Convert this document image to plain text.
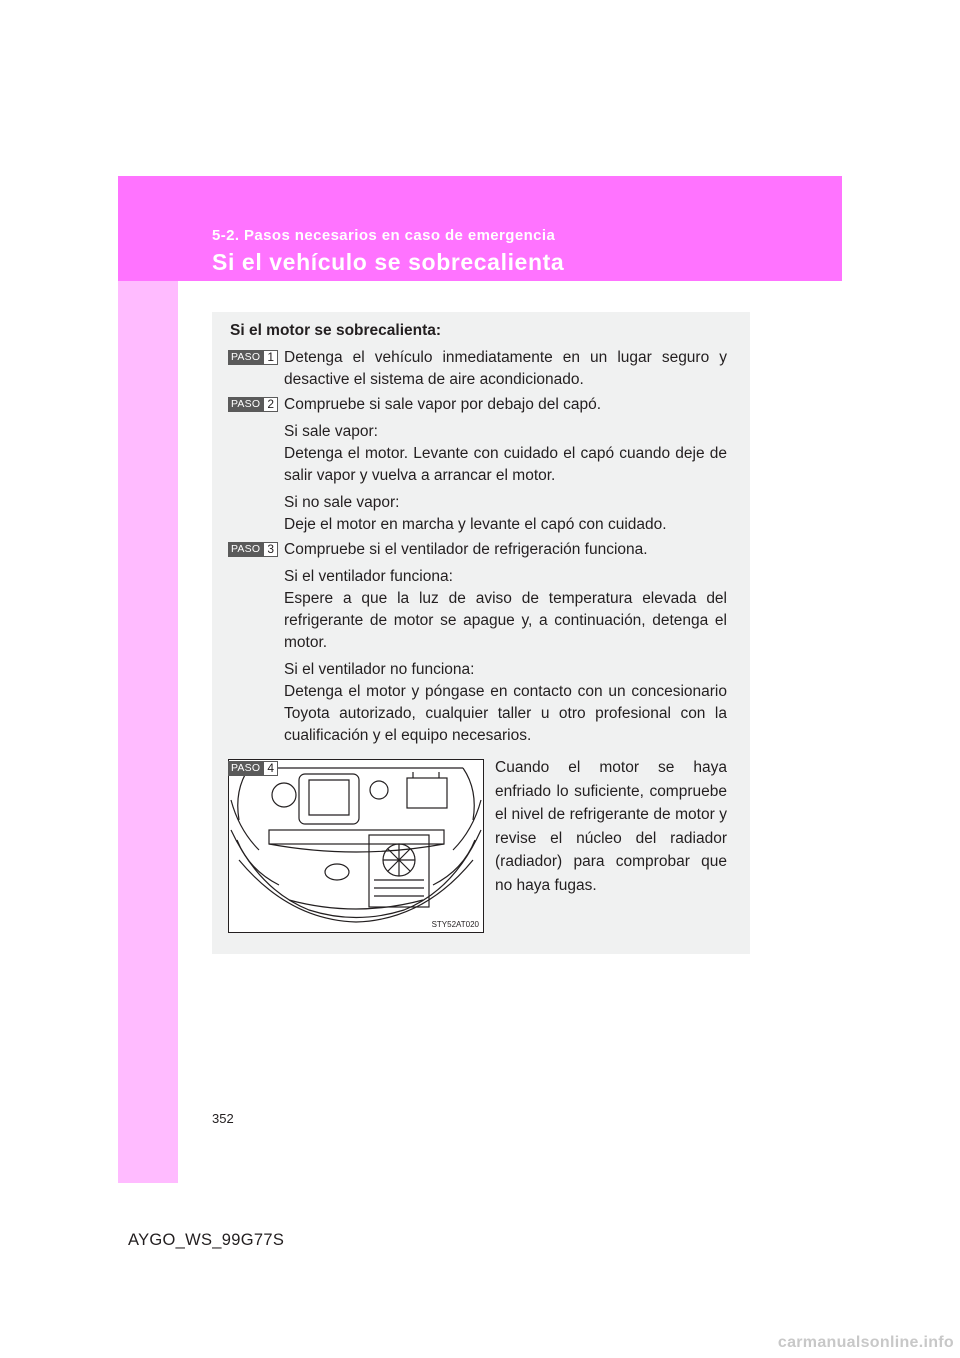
5-2. Pasos necesarios en caso de emergencia
Si el vehículo se sobrecalienta
Si el motor se sobrecalienta:
PASO 1 Detenga el vehículo inmediatamente en un lugar seguro y desactive el sistema de aire acondicionado.
PASO 2 Compruebe si sale vapor por debajo del capó.
Si sale vapor:
Detenga el motor. Levante con cuidado el capó cuando deje de salir vapor y vuelva a arrancar el motor.
Si no sale vapor:
Deje el motor en marcha y levante el capó con cuidado.
PASO 3 Compruebe si el ventilador de refrigeración funciona.
Si el ventilador funciona:
Espere a que la luz de aviso de temperatura elevada del refrigerante de motor se apague y, a continuación, detenga el motor.
Si el ventilador no funciona:
Detenga el motor y póngase en contacto con un concesionario Toyota autorizado, cualquier taller u otro profesional con la cualificación y el equipo necesarios.
STY52AT020
PASO 4	Cuando el motor se haya enfriado lo suficiente, compruebe el nivel de refrigerante de motor y revise el núcleo del radiador (radiador) para comprobar que no haya fugas.
352
AYGO_WS_99G77S
carmanualsonline.info
